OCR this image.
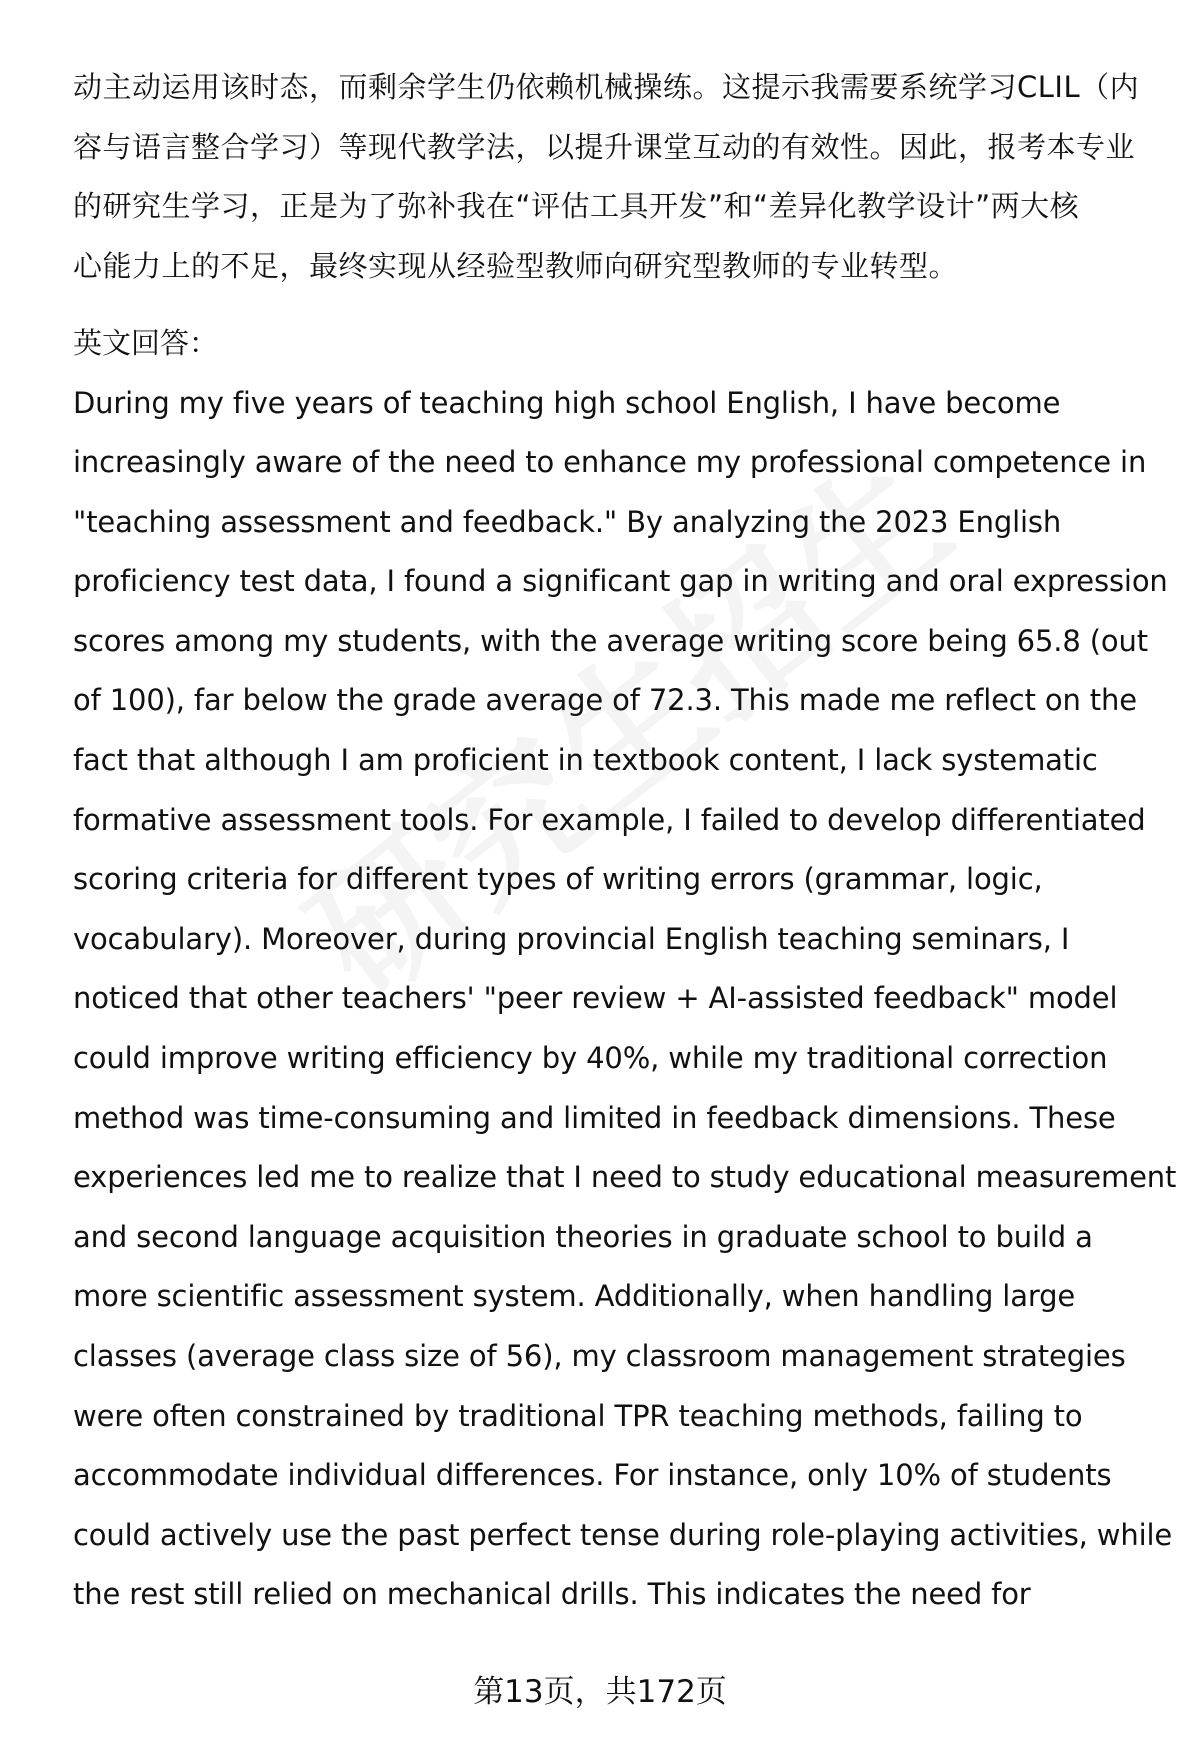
动主动运用该时态，而剩余学生仍依赖机械操练。这提示我需要系统学习CLIL（内
容与语言整合学习）等现代教学法，以提升课堂互动的有效性。因此，报考本专业
的研究生学习，正是为了弥补我在“评估工具开发”和“差异化教学设计”两大核
心能力上的不足，最终实现从经验型教师向研究型教师的专业转型。
英文回答：
During my five years of teaching high school English, I have become
increasingly aware of the need to enhance my professional competence in
"teaching assessment and feedback." By analyzing the 2023 English
proficiency test data, I found a significant gap in writing and oral expression
scores among my students, with the average writing score being 65.8 (out
of 100), far below the grade average of 72.3. This made me reflect on the
fact that although I am proficient in textbook content, I lack systematic
formative assessment tools. For example, I failed to develop differentiated
scoring criteria for different types of writing errors (grammar, logic,
vocabulary). Moreover, during provincial English teaching seminars, I
noticed that other teachers' "peer review + AI-assisted feedback" model
could improve writing efficiency by 40%, while my traditional correction
method was time-consuming and limited in feedback dimensions. These
experiences led me to realize that I need to study educational measurement
and second language acquisition theories in graduate school to build a
more scientific assessment system. Additionally, when handling large
classes (average class size of 56), my classroom management strategies
were often constrained by traditional TPR teaching methods, failing to
accommodate individual differences. For instance, only 10% of students
could actively use the past perfect tense during role-playing activities, while
the rest still relied on mechanical drills. This indicates the need for
第13页，共172页
